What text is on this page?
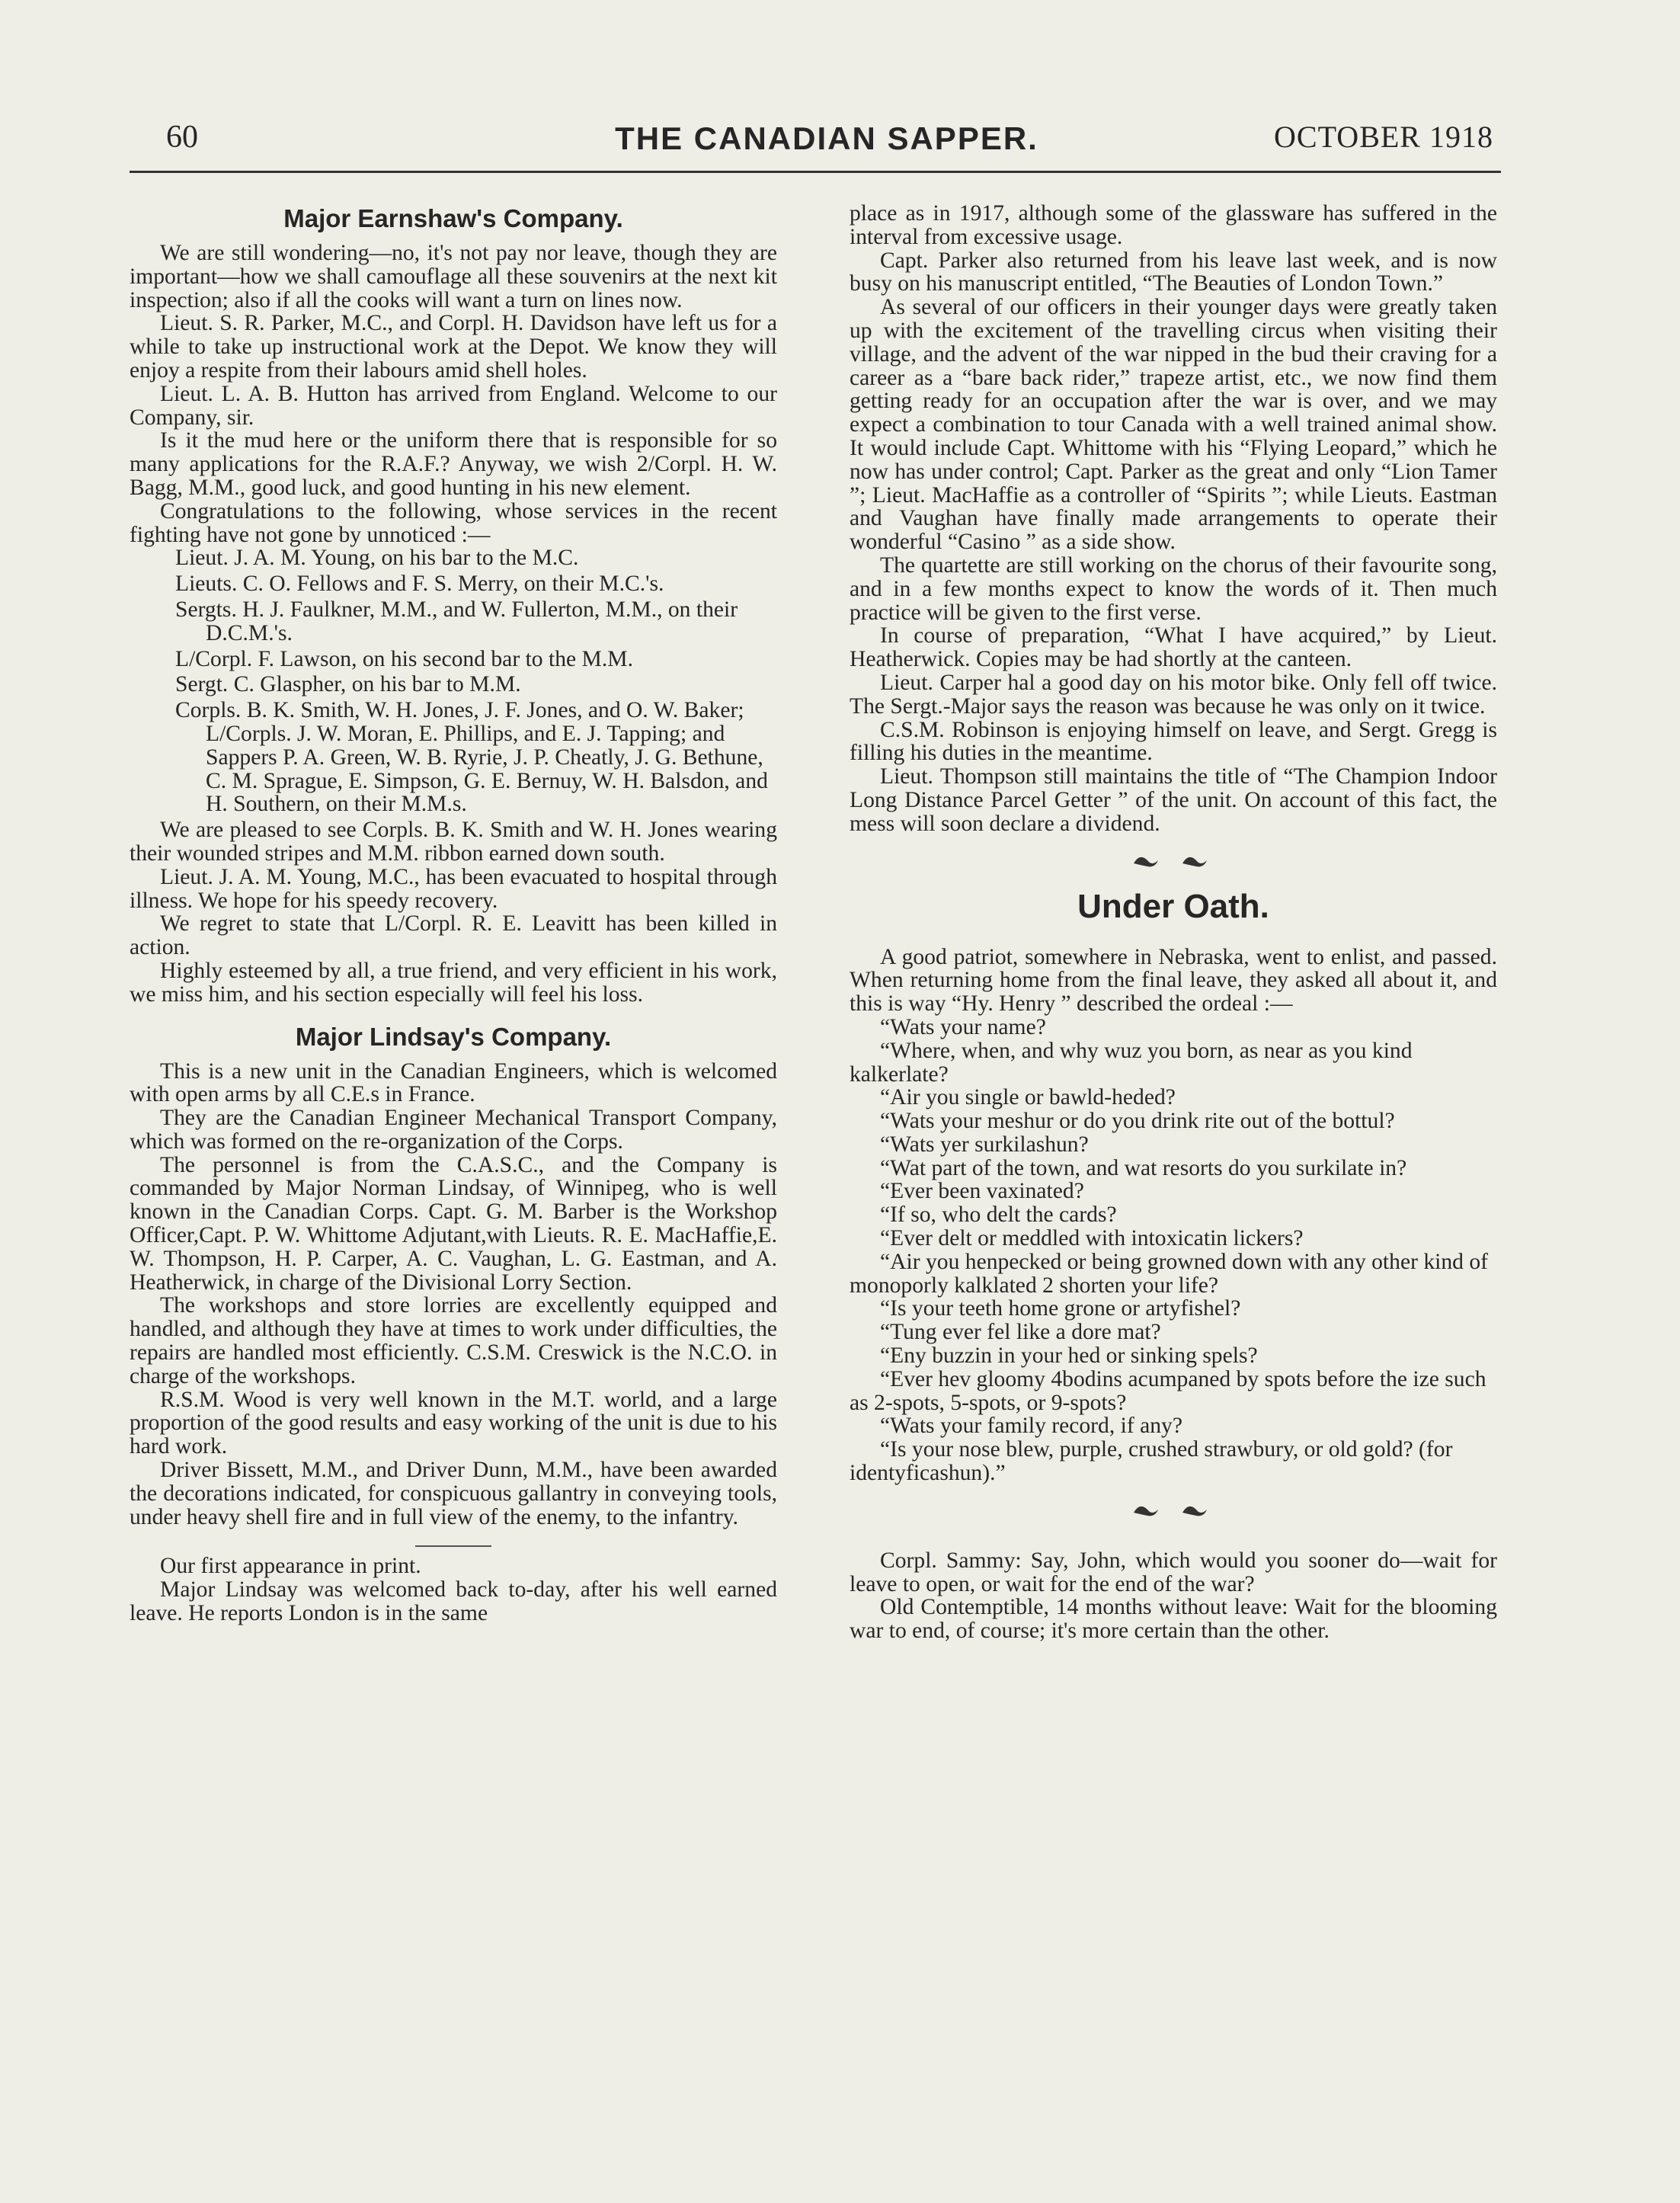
60	THE CANADIAN SAPPER.	OCTOBER 1918
Major Earnshaw's Company.

We are still wondering—no, it's not pay nor leave, though they are important—how we shall camouflage all these souvenirs at the next kit inspection; also if all the cooks will want a turn on lines now.

Lieut. S. R. Parker, M.C., and Corpl. H. Davidson have left us for a while to take up instructional work at the Depot. We know they will enjoy a respite from their labours amid shell holes.

Lieut. L. A. B. Hutton has arrived from England. Welcome to our Company, sir.

Is it the mud here or the uniform there that is responsible for so many applications for the R.A.F.? Anyway, we wish 2/Corpl. H. W. Bagg, M.M., good luck, and good hunting in his new element.

Congratulations to the following, whose services in the recent fighting have not gone by unnoticed :—

Lieut. J. A. M. Young, on his bar to the M.C.
Lieuts. C. O. Fellows and F. S. Merry, on their M.C.'s.
Sergts. H. J. Faulkner, M.M., and W. Fullerton, M.M., on their D.C.M.'s.
L/Corpl. F. Lawson, on his second bar to the M.M.
Sergt. C. Glaspher, on his bar to M.M.
Corpls. B. K. Smith, W. H. Jones, J. F. Jones, and O. W. Baker; L/Corpls. J. W. Moran, E. Phillips, and E. J. Tapping; and Sappers P. A. Green, W. B. Ryrie, J. P. Cheatly, J. G. Bethune, C. M. Sprague, E. Simpson, G. E. Bernuy, W. H. Balsdon, and H. Southern, on their M.M.s.

We are pleased to see Corpls. B. K. Smith and W. H. Jones wearing their wounded stripes and M.M. ribbon earned down south.

Lieut. J. A. M. Young, M.C., has been evacuated to hospital through illness. We hope for his speedy recovery.

We regret to state that L/Corpl. R. E. Leavitt has been killed in action.

Highly esteemed by all, a true friend, and very efficient in his work, we miss him, and his section especially will feel his loss.

Major Lindsay's Company.

This is a new unit in the Canadian Engineers, which is welcomed with open arms by all C.E.s in France.

They are the Canadian Engineer Mechanical Transport Company, which was formed on the re-organization of the Corps.

The personnel is from the C.A.S.C., and the Company is commanded by Major Norman Lindsay, of Winnipeg, who is well known in the Canadian Corps. Capt. G. M. Barber is the Workshop Officer,Capt. P. W. Whittome Adjutant,with Lieuts. R. E. MacHaffie,E. W. Thompson, H. P. Carper, A. C. Vaughan, L. G. Eastman, and A. Heatherwick, in charge of the Divisional Lorry Section.

The workshops and store lorries are excellently equipped and handled, and although they have at times to work under difficulties, the repairs are handled most efficiently. C.S.M. Creswick is the N.C.O. in charge of the workshops.

R.S.M. Wood is very well known in the M.T. world, and a large proportion of the good results and easy working of the unit is due to his hard work.

Driver Bissett, M.M., and Driver Dunn, M.M., have been awarded the decorations indicated, for conspicuous gallantry in conveying tools, under heavy shell fire and in full view of the enemy, to the infantry.

Our first appearance in print.

Major Lindsay was welcomed back to-day, after his well earned leave. He reports London is in the same

place as in 1917, although some of the glassware has suffered in the interval from excessive usage.

Capt. Parker also returned from his leave last week, and is now busy on his manuscript entitled, “The Beauties of London Town.”

As several of our officers in their younger days were greatly taken up with the excitement of the travelling circus when visiting their village, and the advent of the war nipped in the bud their craving for a career as a “bare back rider,” trapeze artist, etc., we now find them getting ready for an occupation after the war is over, and we may expect a combination to tour Canada with a well trained animal show. It would include Capt. Whittome with his “Flying Leopard,” which he now has under control; Capt. Parker as the great and only “Lion Tamer ”; Lieut. MacHaffie as a controller of “Spirits ”; while Lieuts. Eastman and Vaughan have finally made arrangements to operate their wonderful “Casino ” as a side show.

The quartette are still working on the chorus of their favourite song, and in a few months expect to know the words of it. Then much practice will be given to the first verse.

In course of preparation, “What I have acquired,” by Lieut. Heatherwick. Copies may be had shortly at the canteen.

Lieut. Carper hal a good day on his motor bike. Only fell off twice. The Sergt.-Major says the reason was because he was only on it twice.

C.S.M. Robinson is enjoying himself on leave, and Sergt. Gregg is filling his duties in the meantime.

Lieut. Thompson still maintains the title of “The Champion Indoor Long Distance Parcel Getter ” of the unit. On account of this fact, the mess will soon declare a dividend.

Under Oath.

A good patriot, somewhere in Nebraska, went to enlist, and passed. When returning home from the final leave, they asked all about it, and this is way “Hy. Henry ” described the ordeal :—

“Wats your name?

“Where, when, and why wuz you born, as near as you kind kalkerlate?

“Air you single or bawld-heded?

“Wats your meshur or do you drink rite out of the bottul?

“Wats yer surkilashun?

“Wat part of the town, and wat resorts do you surkilate in?

“Ever been vaxinated?

“If so, who delt the cards?

“Ever delt or meddled with intoxicatin lickers?

“Air you henpecked or being growned down with any other kind of monoporly kalklated 2 shorten your life?

“Is your teeth home grone or artyfishel?

“Tung ever fel like a dore mat?

“Eny buzzin in your hed or sinking spels?

“Ever hev gloomy 4bodins acumpaned by spots before the ize such as 2-spots, 5-spots, or 9-spots?

“Wats your family record, if any?

“Is your nose blew, purple, crushed strawbury, or old gold? (for identyficashun).”

Corpl. Sammy: Say, John, which would you sooner do—wait for leave to open, or wait for the end of the war?

Old Contemptible, 14 months without leave: Wait for the blooming war to end, of course; it's more certain than the other.
